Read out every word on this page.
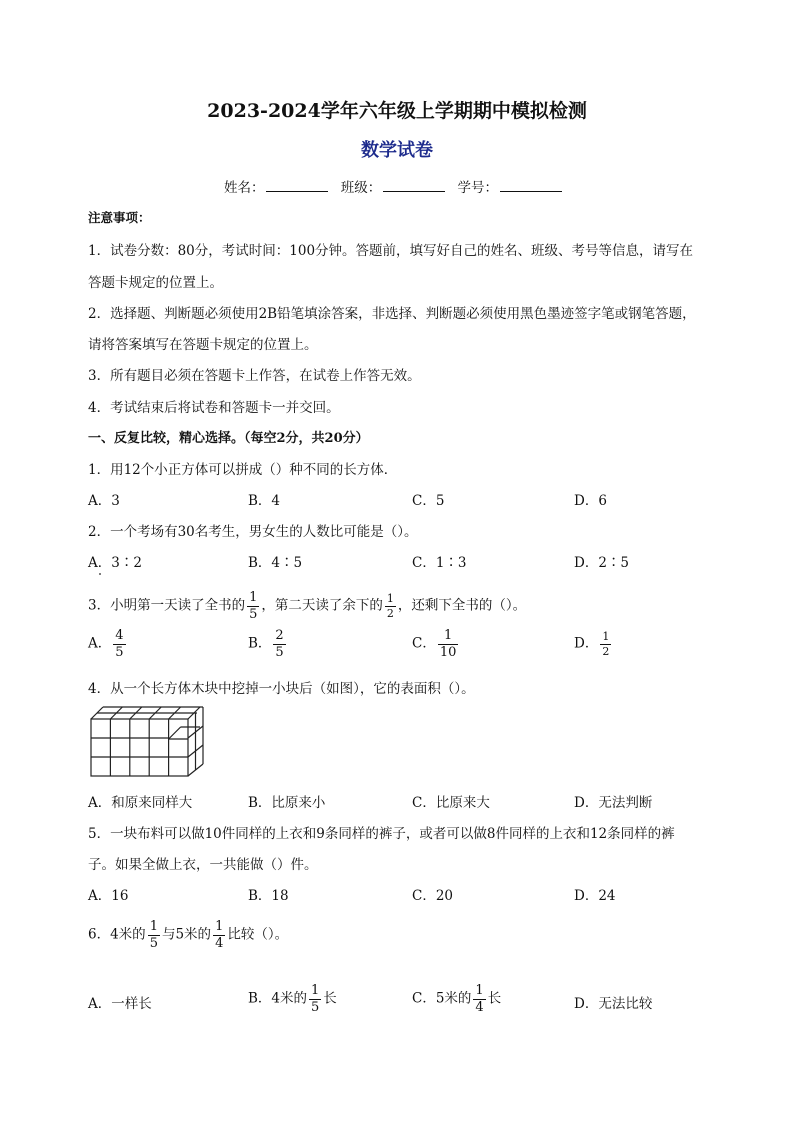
2023-2024学年六年级上学期期中模拟检测
数学试卷
姓名：	班级：	学号：
注意事项：
1．试卷分数：80分，考试时间：100分钟。答题前，填写好自己的姓名、班级、考号等信息，请写在
答题卡规定的位置上。
2．选择题、判断题必须使用2B铅笔填涂答案，非选择、判断题必须使用黑色墨迹签字笔或钢笔答题，
请将答案填写在答题卡规定的位置上。
3．所有题目必须在答题卡上作答，在试卷上作答无效。
4．考试结束后将试卷和答题卡一并交回。
一、反复比较，精心选择。（每空2分，共20分）
1．用12个小正方体可以拼成（）种不同的长方体．
A．3	B．4	C．5	D．6
2．一个考场有30名考生，男女生的人数比可能是（）。
A．3∶2	B．4∶5	C．1∶3	D．2∶5
3．小明第一天读了全书的 $\frac{1}{5}$ ，第二天读了余下的 $\frac{1}{2}$ ，还剩下全书的（）。
A． $\frac{4}{5}$	B． $\frac{2}{5}$	C． $\frac{1}{10}$	D． $\frac{1}{2}$
4．从一个长方体木块中挖掉一小块后（如图），它的表面积（）。
A．和原来同样大	B．比原来小	C．比原来大	D．无法判断
5．一块布料可以做10件同样的上衣和9条同样的裤子，或者可以做8件同样的上衣和12条同样的裤
子。如果全做上衣，一共能做（）件。
A．16	B．18	C．20	D．24
6．4米的 $\frac{1}{5}$ 与5米的 $\frac{1}{4}$ 比较（）。
A．一样长	B．4米的 $\frac{1}{5}$ 长	C．5米的 $\frac{1}{4}$ 长	D．无法比较
